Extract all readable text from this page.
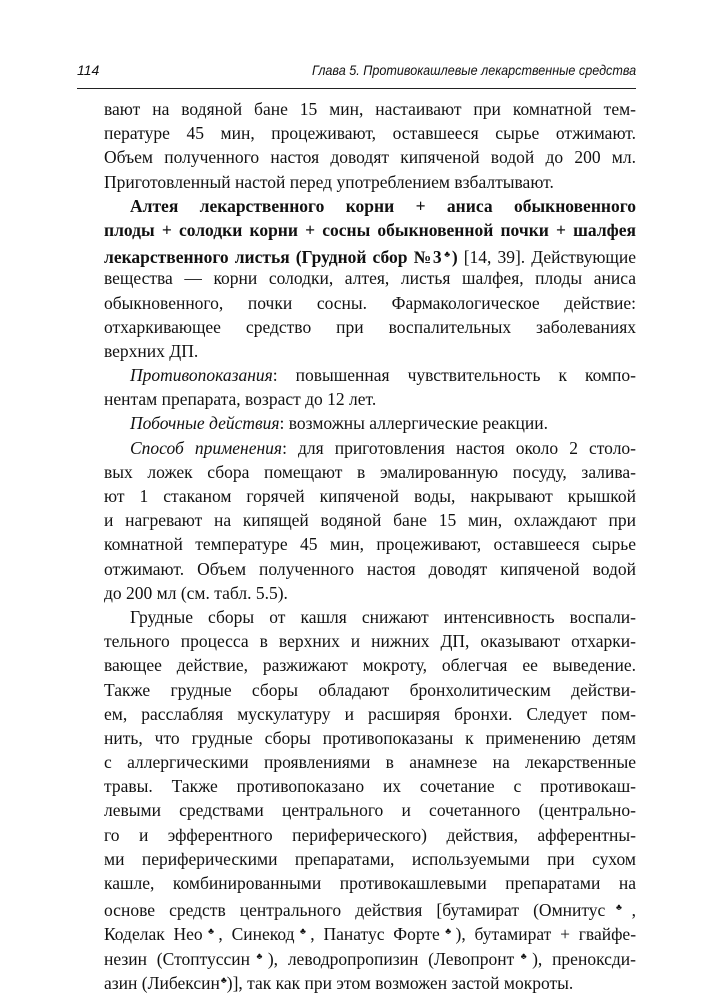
114	Глава 5. Противокашлевые лекарственные средства
вают на водяной бане 15 мин, настаивают при комнатной тем-
пературе 45 мин, процеживают, оставшееся сырье отжимают.
Объем полученного настоя доводят кипяченой водой до 200 мл.
Приготовленный настой перед употреблением взбалтывают.
Алтея лекарственного корни + аниса обыкновенного
плоды + солодки корни + сосны обыкновенной почки + шалфея
лекарственного листья (Грудной сбор №3♣) [14, 39]. Действующие
вещества — корни солодки, алтея, листья шалфея, плоды аниса
обыкновенного, почки сосны. Фармакологическое действие:
отхаркивающее средство при воспалительных заболеваниях
верхних ДП.
Противопоказания: повышенная чувствительность к компо-
нентам препарата, возраст до 12 лет.
Побочные действия: возможны аллергические реакции.
Способ применения: для приготовления настоя около 2 столо-
вых ложек сбора помещают в эмалированную посуду, залива-
ют 1 стаканом горячей кипяченой воды, накрывают крышкой
и нагревают на кипящей водяной бане 15 мин, охлаждают при
комнатной температуре 45 мин, процеживают, оставшееся сырье
отжимают. Объем полученного настоя доводят кипяченой водой
до 200 мл (см. табл. 5.5).
Грудные сборы от кашля снижают интенсивность воспали-
тельного процесса в верхних и нижних ДП, оказывают отхарки-
вающее действие, разжижают мокроту, облегчая ее выведение.
Также грудные сборы обладают бронхолитическим действи-
ем, расслабляя мускулатуру и расширяя бронхи. Следует пом-
нить, что грудные сборы противопоказаны к применению детям
с аллергическими проявлениями в анамнезе на лекарственные
травы. Также противопоказано их сочетание с противокаш-
левыми средствами центрального и сочетанного (центрально-
го и эфферентного периферического) действия, афферентны-
ми периферическими препаратами, используемыми при сухом
кашле, комбинированными противокашлевыми препаратами на
основе средств центрального действия [бутамират (Омнитус♣,
Коделак Нео♣, Синекод♣, Панатус Форте♣), бутамират + гвайфе-
незин (Стоптуссин♣), леводропропизин (Левопронт♣), преноксди-
азин (Либексин♣)], так как при этом возможен застой мокроты.
